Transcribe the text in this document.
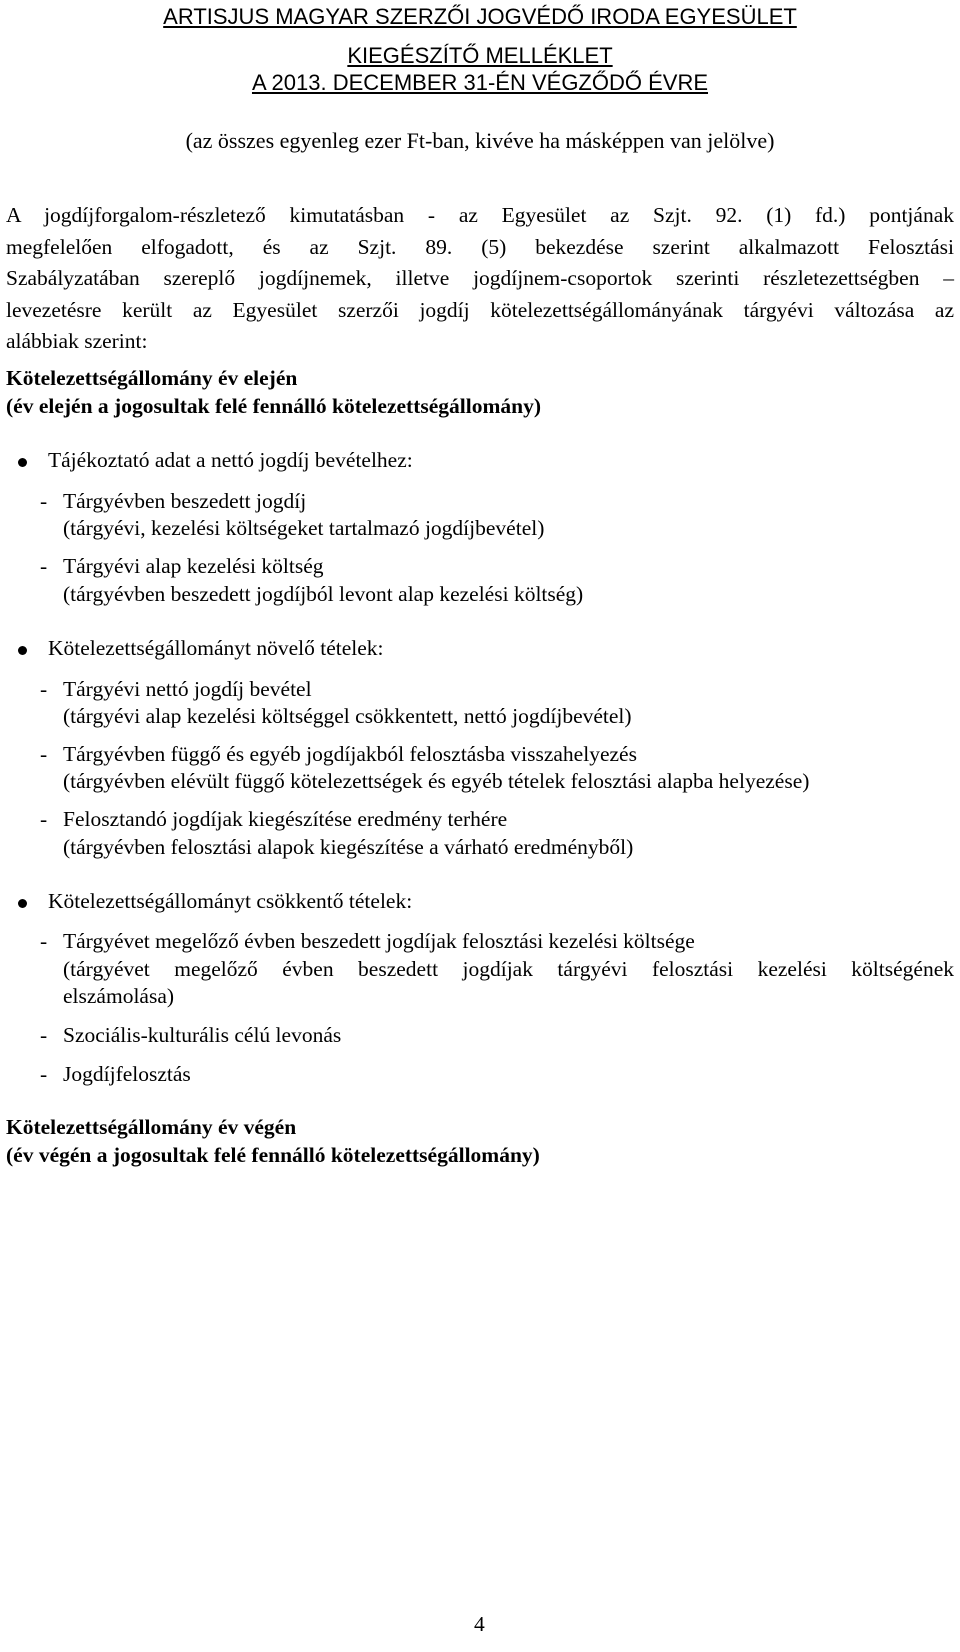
ARTISJUS MAGYAR SZERZŐI JOGVÉDŐ IRODA EGYESÜLET
KIEGÉSZÍTŐ MELLÉKLET
A 2013. DECEMBER 31-ÉN VÉGZŐDŐ ÉVRE
(az összes egyenleg ezer Ft-ban, kivéve ha másképpen van jelölve)
A jogdíjforgalom-részletező kimutatásban - az Egyesület az Szjt. 92. (1) fd.) pontjának
megfelelően elfogadott, és az Szjt. 89. (5) bekezdése szerint alkalmazott Felosztási
Szabályzatában szereplő jogdíjnemek, illetve jogdíjnem-csoportok szerinti részletezettségben –
levezetésre került az Egyesület szerzői jogdíj kötelezettségállományának tárgyévi változása az
alábbiak szerint:
Kötelezettségállomány év elején
(év elején a jogosultak felé fennálló kötelezettségállomány)
Tájékoztató adat a nettó jogdíj bevételhez:
- Tárgyévben beszedett jogdíj
(tárgyévi, kezelési költségeket tartalmazó jogdíjbevétel)
- Tárgyévi alap kezelési költség
(tárgyévben beszedett jogdíjból levont alap kezelési költség)
Kötelezettségállományt növelő tételek:
- Tárgyévi nettó jogdíj bevétel
(tárgyévi alap kezelési költséggel csökkentett, nettó jogdíjbevétel)
- Tárgyévben függő és egyéb jogdíjakból felosztásba visszahelyezés
(tárgyévben elévült függő kötelezettségek és egyéb tételek felosztási alapba helyezése)
- Felosztandó jogdíjak kiegészítése eredmény terhére
(tárgyévben felosztási alapok kiegészítése a várható eredményből)
Kötelezettségállományt csökkentő tételek:
- Tárgyévet megelőző évben beszedett jogdíjak felosztási kezelési költsége
(tárgyévet megelőző évben beszedett jogdíjak tárgyévi felosztási kezelési költségének
elszámolása)
- Szociális-kulturális célú levonás
- Jogdíjfelosztás
Kötelezettségállomány év végén
(év végén a jogosultak felé fennálló kötelezettségállomány)
4
